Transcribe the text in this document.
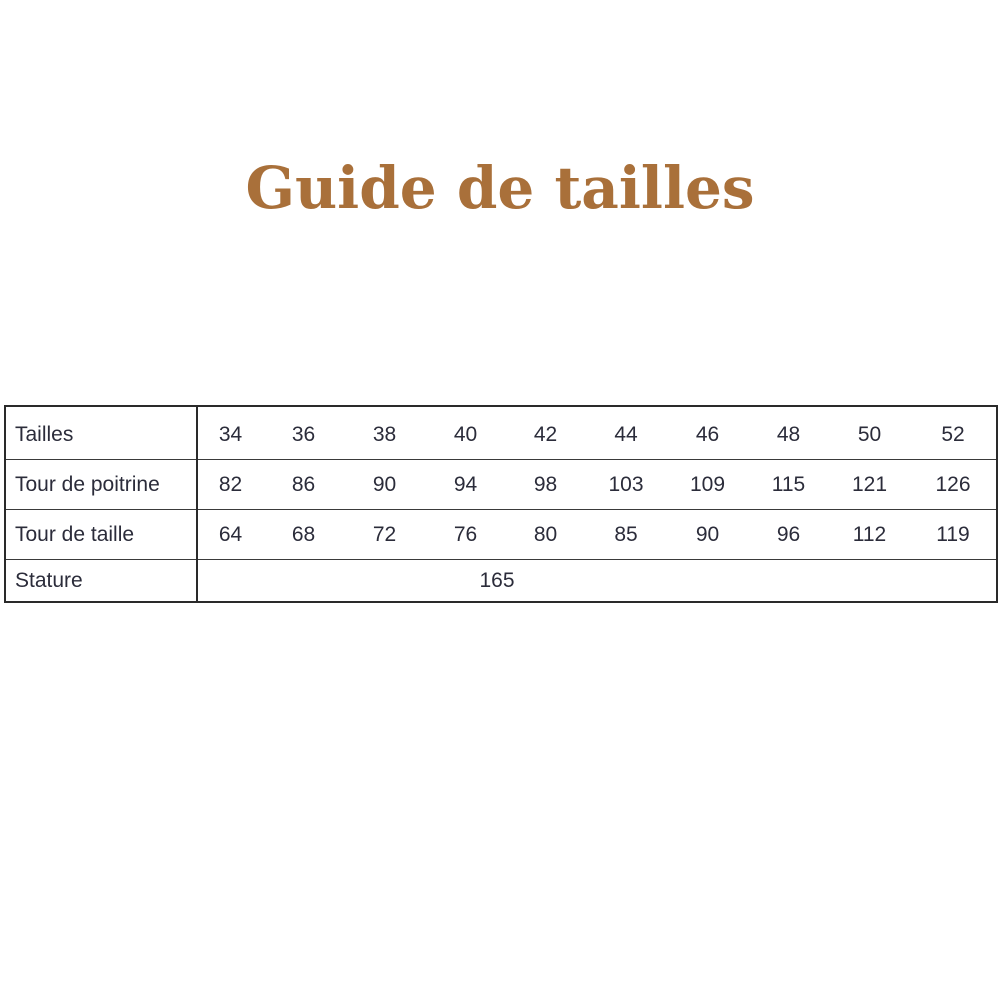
Guide de tailles
Tailles	34	36	38	40	42	44	46	48	50	52
Tour de poitrine	82	86	90	94	98	103	109	115	121	126
Tour de taille	64	68	72	76	80	85	90	96	112	119
Stature	165									
